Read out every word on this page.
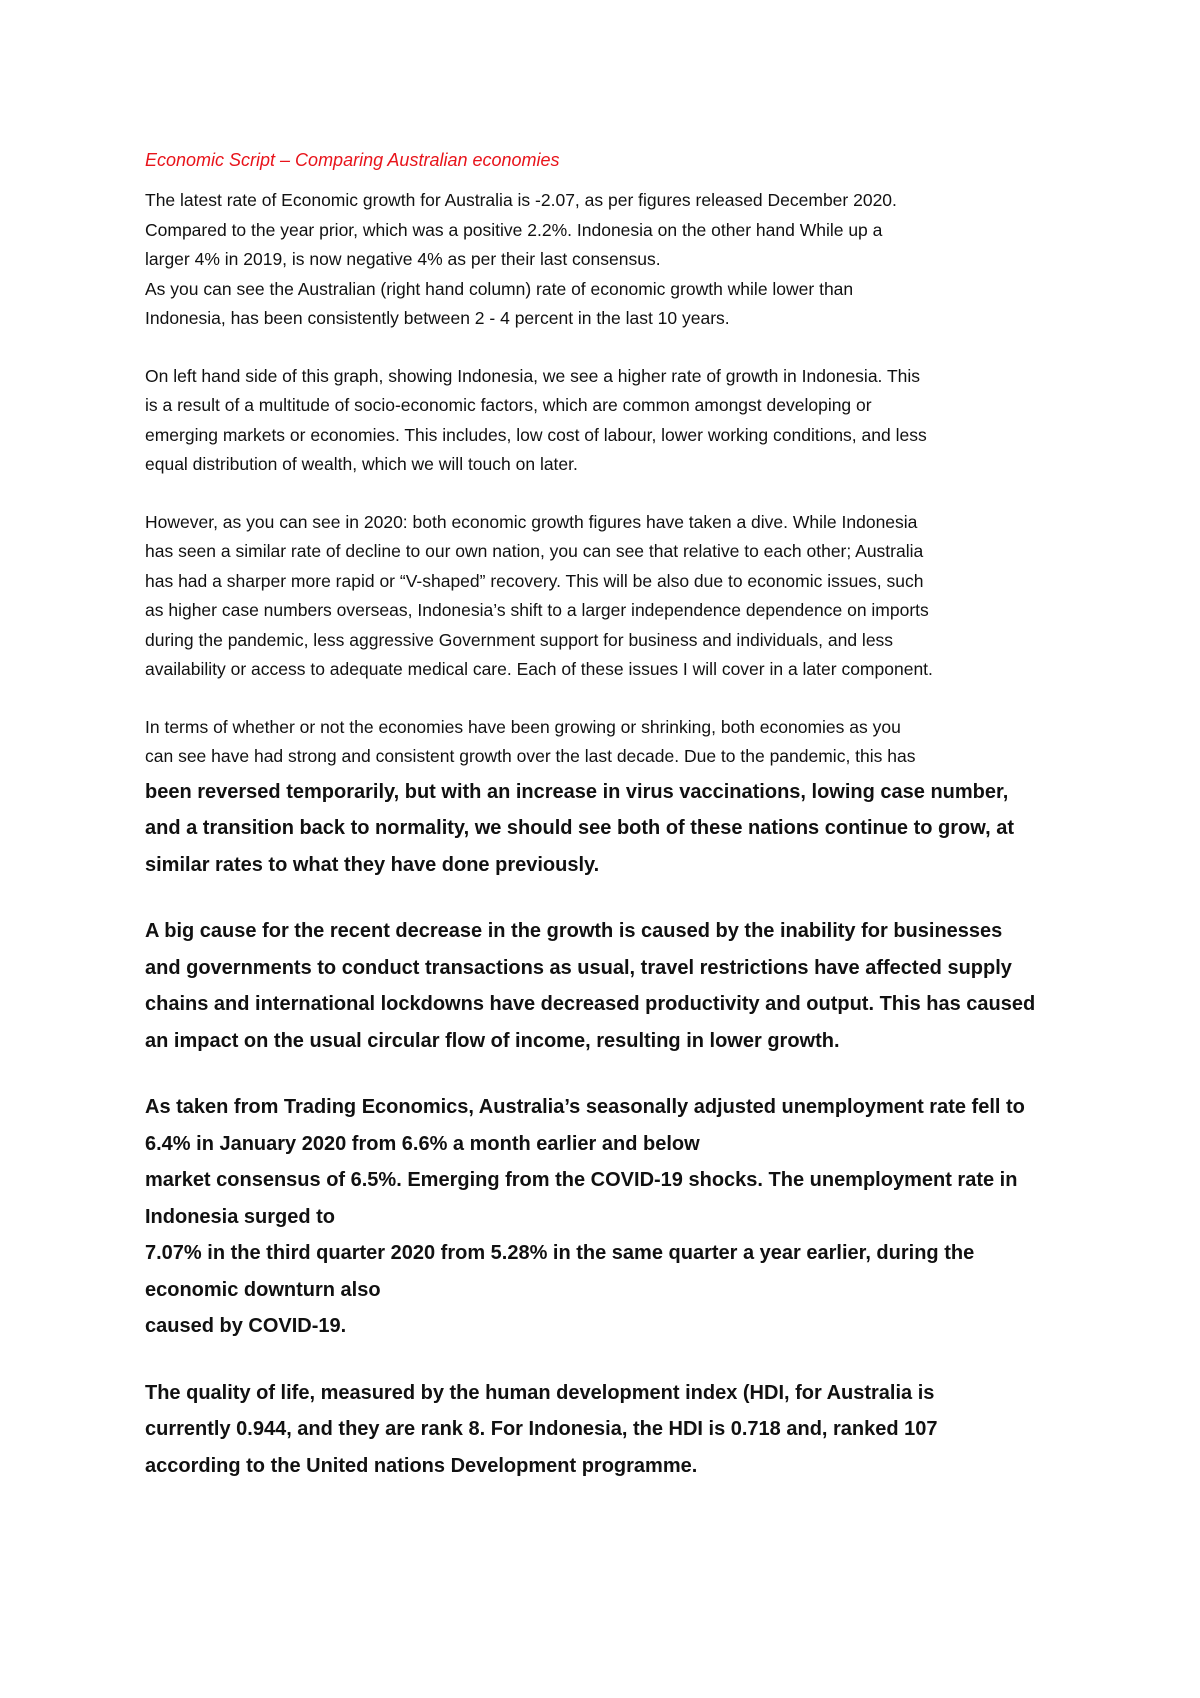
Economic Script – Comparing Australian economies

The latest rate of Economic growth for Australia is -2.07, as per figures released December 2020.
Compared to the year prior, which was a positive 2.2%. Indonesia on the other hand While up a
larger 4% in 2019, is now negative 4% as per their last consensus.
As you can see the Australian (right hand column) rate of economic growth while lower than
Indonesia, has been consistently between 2 - 4 percent in the last 10 years.

On left hand side of this graph, showing Indonesia, we see a higher rate of growth in Indonesia. This
is a result of a multitude of socio-economic factors, which are common amongst developing or
emerging markets or economies. This includes, low cost of labour, lower working conditions, and less
equal distribution of wealth, which we will touch on later.

However, as you can see in 2020: both economic growth figures have taken a dive. While Indonesia
has seen a similar rate of decline to our own nation, you can see that relative to each other; Australia
has had a sharper more rapid or “V-shaped” recovery. This will be also due to economic issues, such
as higher case numbers overseas, Indonesia’s shift to a larger independence dependence on imports
during the pandemic, less aggressive Government support for business and individuals, and less
availability or access to adequate medical care. Each of these issues I will cover in a later component.

In terms of whether or not the economies have been growing or shrinking, both economies as you
can see have had strong and consistent growth over the last decade. Due to the pandemic, this has

been reversed temporarily, but with an increase in virus vaccinations, lowing case number,
and a transition back to normality, we should see both of these nations continue to grow, at
similar rates to what they have done previously.

A big cause for the recent decrease in the growth is caused by the inability for businesses
and governments to conduct transactions as usual, travel restrictions have affected supply
chains and international lockdowns have decreased productivity and output. This has caused
an impact on the usual circular flow of income, resulting in lower growth.

As taken from Trading Economics, Australia’s seasonally adjusted unemployment rate fell to
6.4% in January 2020 from 6.6% a month earlier and below
market consensus of 6.5%. Emerging from the COVID-19 shocks. The unemployment rate in
Indonesia surged to
7.07% in the third quarter 2020 from 5.28% in the same quarter a year earlier, during the
economic downturn also
caused by COVID-19.

The quality of life, measured by the human development index (HDI, for Australia is
currently 0.944, and they are rank 8. For Indonesia, the HDI is 0.718 and, ranked 107
according to the United nations Development programme.
